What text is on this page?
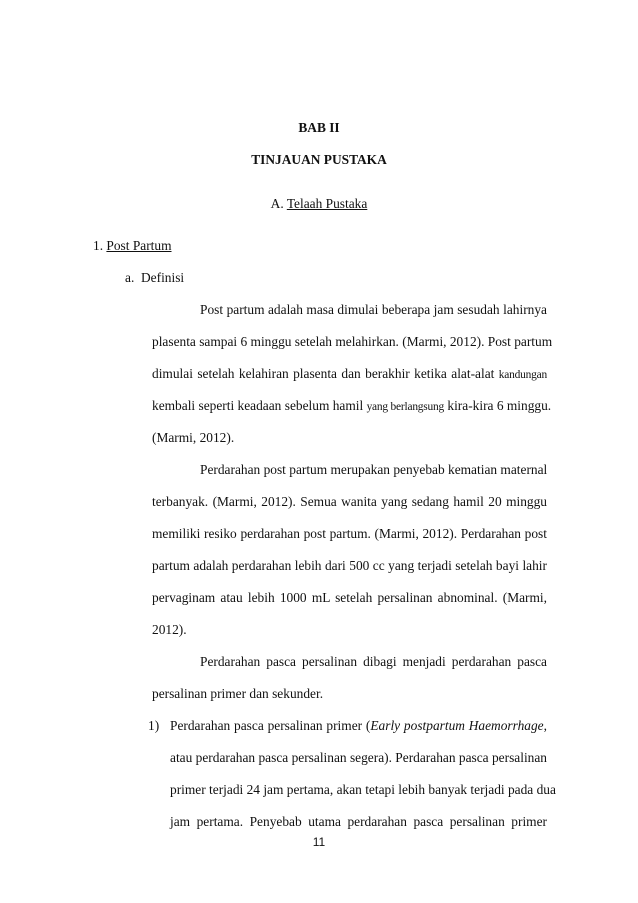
BAB II
TINJAUAN PUSTAKA
A. Telaah Pustaka
1. Post Partum
a. Definisi
Post partum adalah masa dimulai beberapa jam sesudah lahirnya
plasenta sampai 6 minggu setelah melahirkan. (Marmi, 2012). Post partum
dimulai setelah kelahiran plasenta dan berakhir ketika alat-alat kandungan
kembali seperti keadaan sebelum hamil yang berlangsung kira-kira 6 minggu.
(Marmi, 2012).
Perdarahan post partum merupakan penyebab kematian maternal
terbanyak. (Marmi, 2012). Semua wanita yang sedang hamil 20 minggu
memiliki resiko perdarahan post partum. (Marmi, 2012). Perdarahan post
partum adalah perdarahan lebih dari 500 cc yang terjadi setelah bayi lahir
pervaginam atau lebih 1000 mL setelah persalinan abnominal. (Marmi,
2012).
Perdarahan pasca persalinan dibagi menjadi perdarahan pasca
persalinan primer dan sekunder.
1) Perdarahan pasca persalinan primer (Early postpartum Haemorrhage,
atau perdarahan pasca persalinan segera). Perdarahan pasca persalinan
primer terjadi 24 jam pertama, akan tetapi lebih banyak terjadi pada dua
jam pertama. Penyebab utama perdarahan pasca persalinan primer
11
